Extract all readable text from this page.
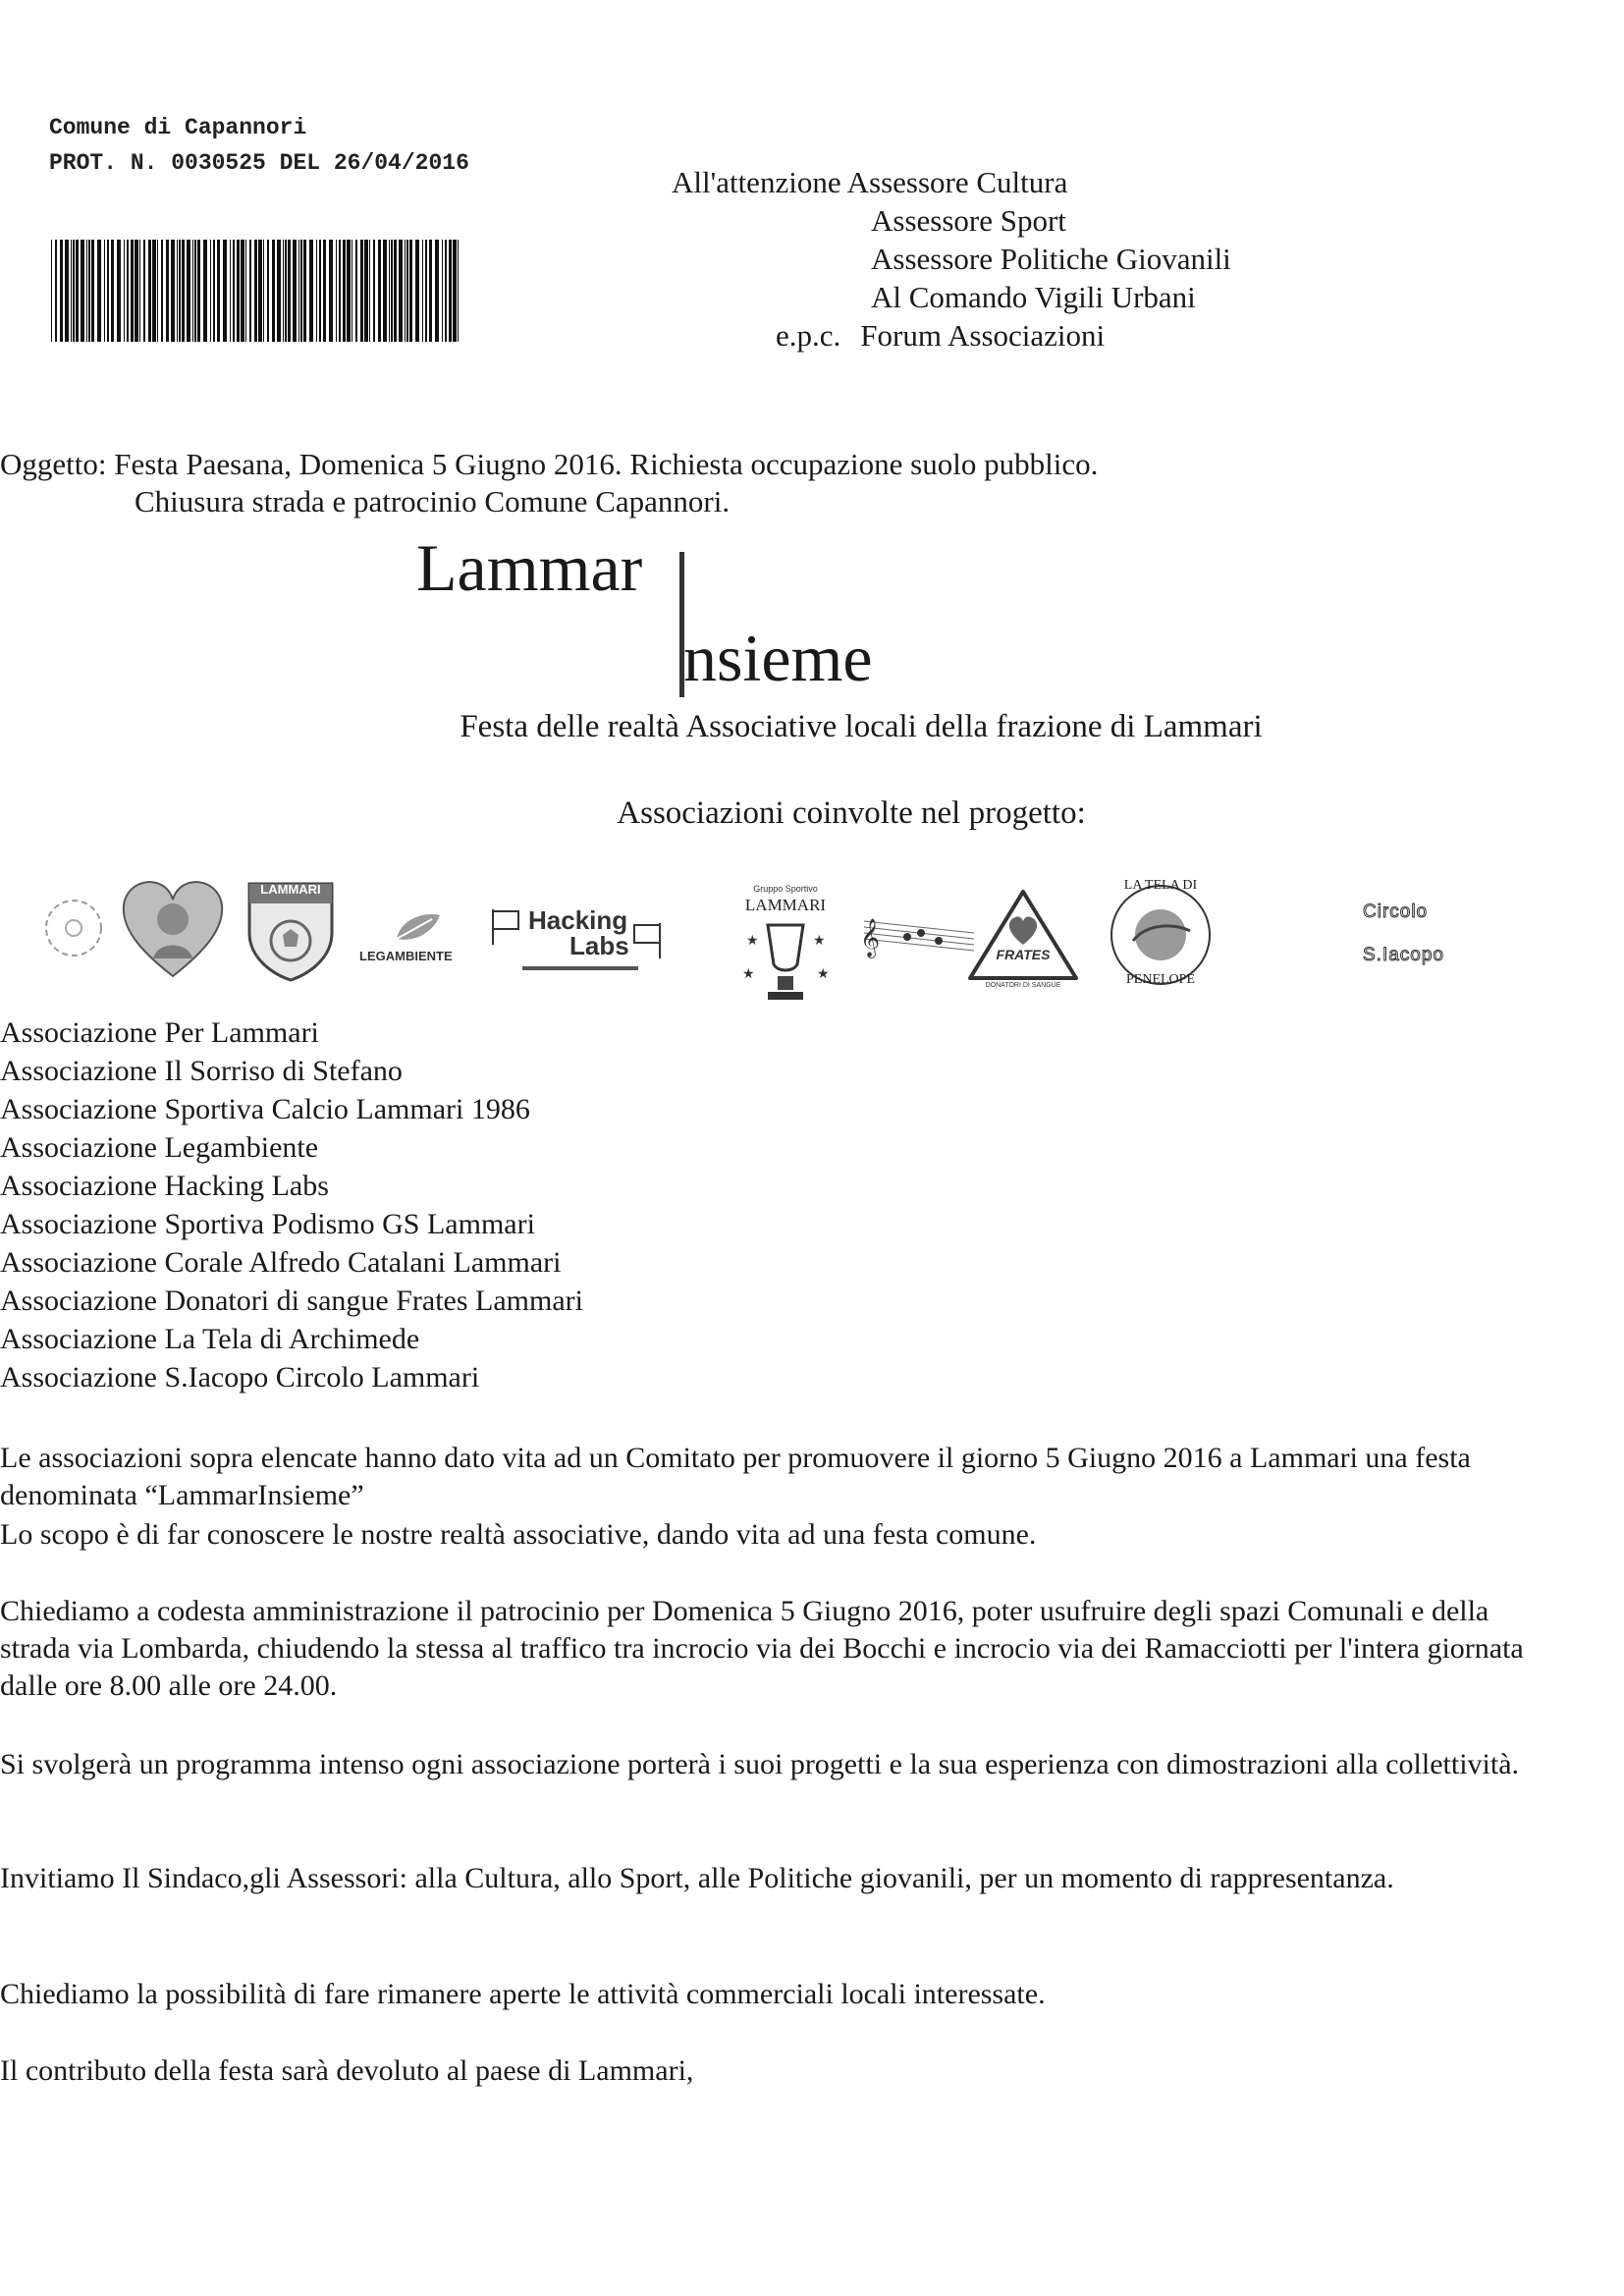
Comune di Capannori
PROT. N. 0030525 DEL 26/04/2016
All'attenzione Assessore Cultura
Assessore Sport
Assessore Politiche Giovanili
Al Comando Vigili Urbani
e.p.c. Forum Associazioni
Oggetto: Festa Paesana, Domenica 5 Giugno 2016. Richiesta occupazione suolo pubblico.
Chiusura strada e patrocinio Comune Capannori.
Lammar
nsieme
Festa delle realtà Associative locali della frazione di Lammari
Associazioni coinvolte nel progetto:
LAMMARI
LEGAMBIENTE
Hacking
Labs
Gruppo Sportivo
LAMMARI
★	★
★	★
𝄞	FRATES
DONATORI DI SANGUE
LA TELA DI
PENELOPE
Circolo
S.Iacopo
Associazione Per Lammari
Associazione Il Sorriso di Stefano
Associazione Sportiva Calcio Lammari 1986
Associazione Legambiente
Associazione Hacking Labs
Associazione Sportiva Podismo GS Lammari
Associazione Corale Alfredo Catalani Lammari
Associazione Donatori di sangue Frates Lammari
Associazione La Tela di Archimede
Associazione S.Iacopo Circolo Lammari
Le associazioni sopra elencate hanno dato vita ad un Comitato per promuovere il giorno 5 Giugno 2016 a Lammari una festa denominata “LammarInsieme”
Lo scopo è di far conoscere le nostre realtà associative, dando vita ad una festa comune.
Chiediamo a codesta amministrazione il patrocinio per Domenica 5 Giugno 2016, poter usufruire degli spazi Comunali e della strada via Lombarda, chiudendo la stessa al traffico tra incrocio via dei Bocchi e incrocio via dei Ramacciotti per l'intera giornata dalle ore 8.00 alle ore 24.00.
Si svolgerà un programma intenso ogni associazione porterà i suoi progetti e la sua esperienza con dimostrazioni alla collettività.
Invitiamo Il Sindaco,gli Assessori: alla Cultura, allo Sport, alle Politiche giovanili, per un momento di rappresentanza.
Chiediamo la possibilità di fare rimanere aperte le attività commerciali locali interessate.
Il contributo della festa sarà devoluto al paese di Lammari,
